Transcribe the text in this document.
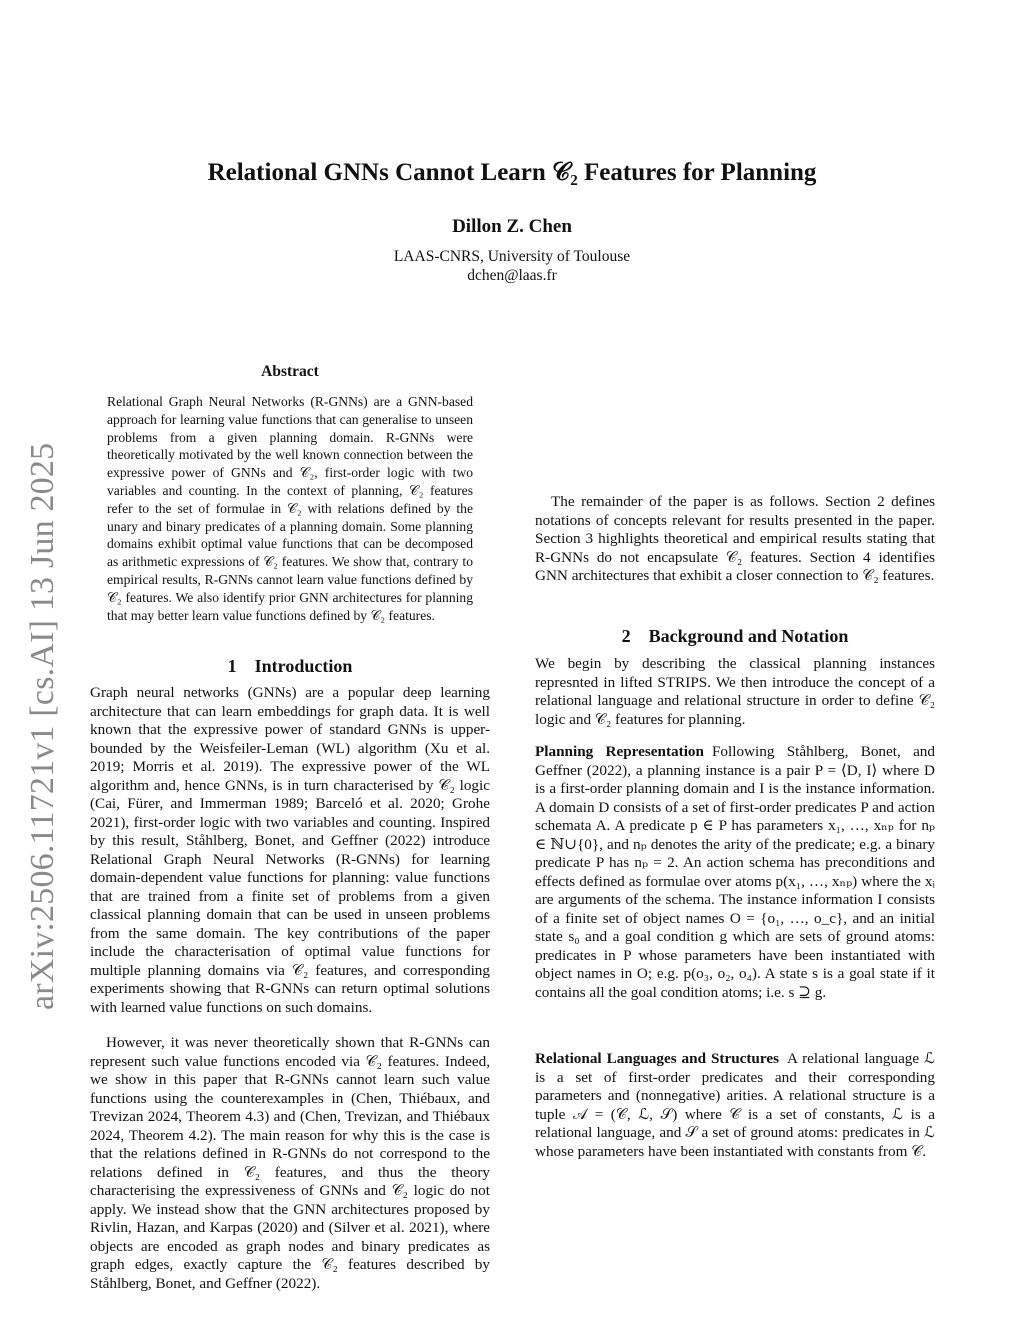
arXiv:2506.11721v1 [cs.AI] 13 Jun 2025
Relational GNNs Cannot Learn 𝒞₂ Features for Planning
Dillon Z. Chen
LAAS-CNRS, University of Toulouse
dchen@laas.fr
Abstract

Relational Graph Neural Networks (R-GNNs) are a GNN-based approach for learning value functions that can generalise to unseen problems from a given planning domain. R-GNNs were theoretically motivated by the well known connection between the expressive power of GNNs and 𝒞₂, first-order logic with two variables and counting. In the context of planning, 𝒞₂ features refer to the set of formulae in 𝒞₂ with relations defined by the unary and binary predicates of a planning domain. Some planning domains exhibit optimal value functions that can be decomposed as arithmetic expressions of 𝒞₂ features. We show that, contrary to empirical results, R-GNNs cannot learn value functions defined by 𝒞₂ features. We also identify prior GNN architectures for planning that may better learn value functions defined by 𝒞₂ features.

1 Introduction

Graph neural networks (GNNs) are a popular deep learning architecture that can learn embeddings for graph data. It is well known that the expressive power of standard GNNs is upper-bounded by the Weisfeiler-Leman (WL) algorithm (Xu et al. 2019; Morris et al. 2019). The expressive power of the WL algorithm and, hence GNNs, is in turn characterised by 𝒞₂ logic (Cai, Fürer, and Immerman 1989; Barceló et al. 2020; Grohe 2021), first-order logic with two variables and counting. Inspired by this result, Ståhlberg, Bonet, and Geffner (2022) introduce Relational Graph Neural Networks (R-GNNs) for learning domain-dependent value functions for planning: value functions that are trained from a finite set of problems from a given classical planning domain that can be used in unseen problems from the same domain. The key contributions of the paper include the characterisation of optimal value functions for multiple planning domains via 𝒞₂ features, and corresponding experiments showing that R-GNNs can return optimal solutions with learned value functions on such domains.

However, it was never theoretically shown that R-GNNs can represent such value functions encoded via 𝒞₂ features. Indeed, we show in this paper that R-GNNs cannot learn such value functions using the counterexamples in (Chen, Thiébaux, and Trevizan 2024, Theorem 4.3) and (Chen, Trevizan, and Thiébaux 2024, Theorem 4.2). The main reason for why this is the case is that the relations defined in R-GNNs do not correspond to the relations defined in 𝒞₂ features, and thus the theory characterising the expressiveness of GNNs and 𝒞₂ logic do not apply. We instead show that the GNN architectures proposed by Rivlin, Hazan, and Karpas (2020) and (Silver et al. 2021), where objects are encoded as graph nodes and binary predicates as graph edges, exactly capture the 𝒞₂ features described by Ståhlberg, Bonet, and Geffner (2022).

The remainder of the paper is as follows. Section 2 defines notations of concepts relevant for results presented in the paper. Section 3 highlights theoretical and empirical results stating that R-GNNs do not encapsulate 𝒞₂ features. Section 4 identifies GNN architectures that exhibit a closer connection to 𝒞₂ features.

2 Background and Notation

We begin by describing the classical planning instances represnted in lifted STRIPS. We then introduce the concept of a relational language and relational structure in order to define 𝒞₂ logic and 𝒞₂ features for planning.

Planning Representation Following Ståhlberg, Bonet, and Geffner (2022), a planning instance is a pair P = ⟨D, I⟩ where D is a first-order planning domain and I is the instance information. A domain D consists of a set of first-order predicates P and action schemata A. A predicate p ∈ P has parameters x₁, …, xₙₚ for nₚ ∈ ℕ∪{0}, and nₚ denotes the arity of the predicate; e.g. a binary predicate P has nₚ = 2. An action schema has preconditions and effects defined as formulae over atoms p(x₁, …, xₙₚ) where the xᵢ are arguments of the schema. The instance information I consists of a finite set of object names O = {o₁, …, o_c}, and an initial state s₀ and a goal condition g which are sets of ground atoms: predicates in P whose parameters have been instantiated with object names in O; e.g. p(o₃, o₂, o₄). A state s is a goal state if it contains all the goal condition atoms; i.e. s ⊇ g.

Relational Languages and Structures A relational language ℒ is a set of first-order predicates and their corresponding parameters and (nonnegative) arities. A relational structure is a tuple 𝒜 = (𝒞, ℒ, 𝒮) where 𝒞 is a set of constants, ℒ is a relational language, and 𝒮 a set of ground atoms: predicates in ℒ whose parameters have been instantiated with constants from 𝒞.
